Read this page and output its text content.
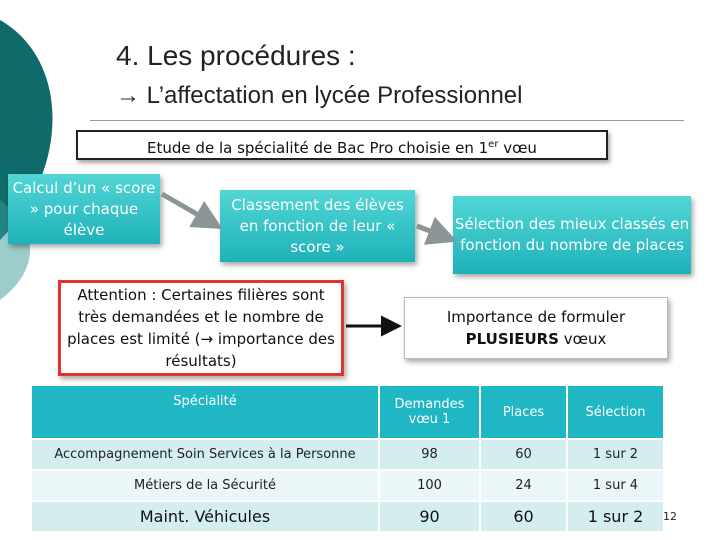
4. Les procédures :
→ L’affectation en lycée Professionnel
Etude de la spécialité de Bac Pro choisie en 1er vœu
Calcul d’un « score » pour chaque élève
Classement des élèves en fonction de leur « score »
Sélection des mieux classés en fonction du nombre de places
Attention : Certaines filières sont très demandées et le nombre de places est limité (→ importance des résultats)
Importance de formuler
PLUSIEURS vœux
Spécialité	Demandes vœu 1	Places	Sélection
Accompagnement Soin Services à la Personne	98	60	1 sur 2
Métiers de la Sécurité	100	24	1 sur 4
Maint. Véhicules	90	60	1 sur 2 12
